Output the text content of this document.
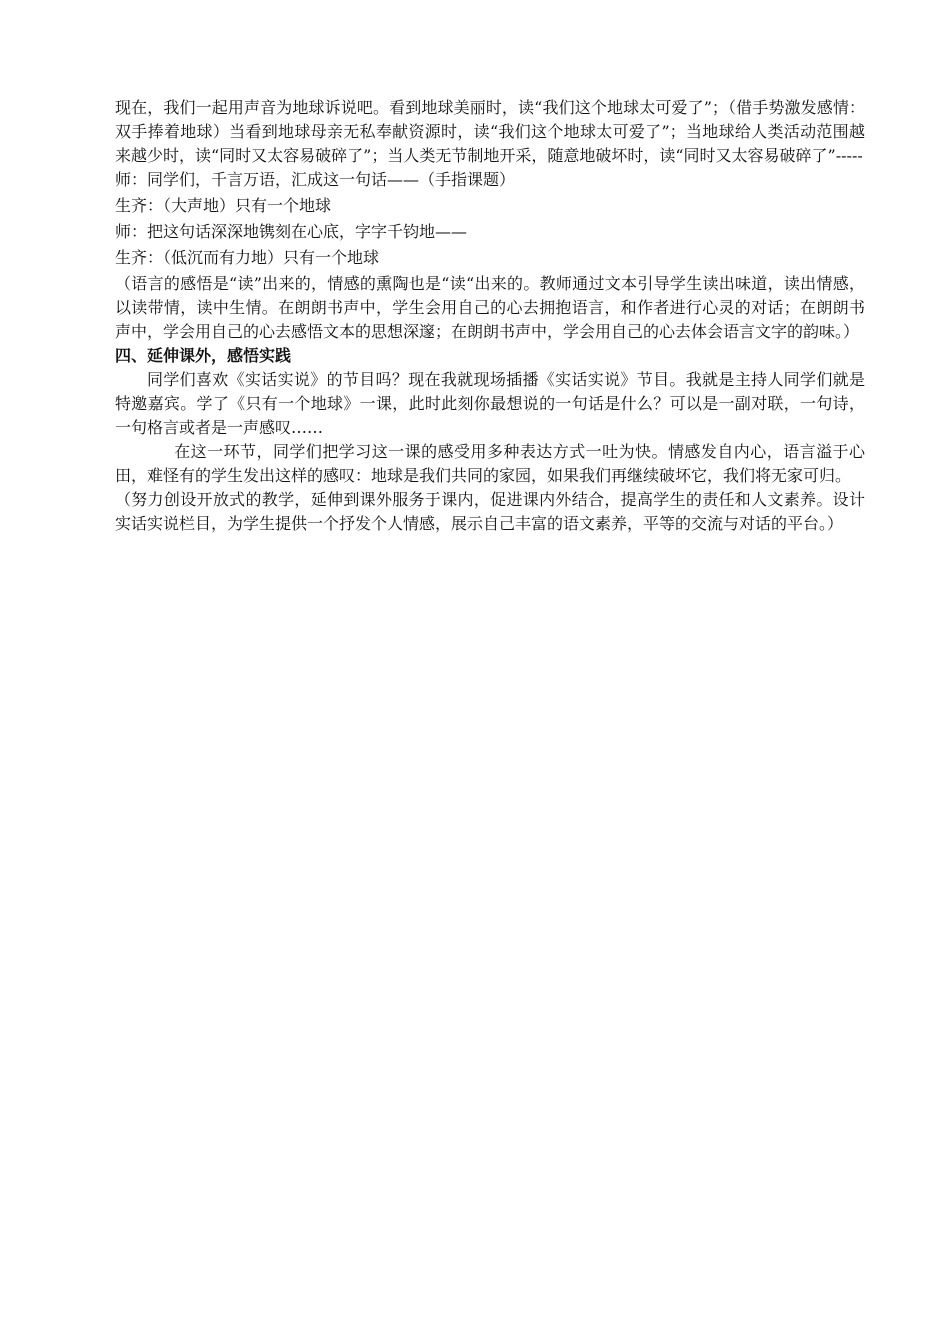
现在，我们一起用声音为地球诉说吧。看到地球美丽时，读“我们这个地球太可爱了”；（借手势激发感情：双手捧着地球）当看到地球母亲无私奉献资源时，读“我们这个地球太可爱了”；当地球给人类活动范围越来越少时，读“同时又太容易破碎了”；当人类无节制地开采，随意地破坏时，读“同时又太容易破碎了”-‐-‐-

师：同学们，千言万语，汇成这一句话——（手指课题）

生齐：（大声地）只有一个地球

师：把这句话深深地镌刻在心底，字字千钧地——

生齐：（低沉而有力地）只有一个地球

（语言的感悟是“读”出来的，情感的熏陶也是“读“出来的。教师通过文本引导学生读出味道，读出情感，以读带情，读中生情。在朗朗书声中，学生会用自己的心去拥抱语言，和作者进行心灵的对话；在朗朗书声中，学会用自己的心去感悟文本的思想深邃；在朗朗书声中，学会用自己的心去体会语言文字的韵味。）

四、延伸课外，感悟实践

同学们喜欢《实话实说》的节目吗？现在我就现场插播《实话实说》节目。我就是主持人同学们就是特邀嘉宾。学了《只有一个地球》一课，此时此刻你最想说的一句话是什么？可以是一副对联，一句诗，一句格言或者是一声感叹……

在这一环节，同学们把学习这一课的感受用多种表达方式一吐为快。情感发自内心，语言溢于心田，难怪有的学生发出这样的感叹：地球是我们共同的家园，如果我们再继续破坏它，我们将无家可归。

（努力创设开放式的教学，延伸到课外服务于课内，促进课内外结合，提高学生的责任和人文素养。设计实话实说栏目，为学生提供一个抒发个人情感，展示自己丰富的语文素养，平等的交流与对话的平台。）
